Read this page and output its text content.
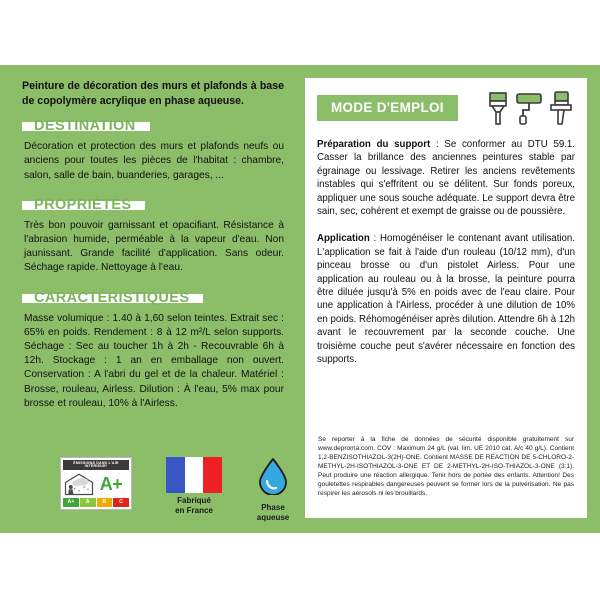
Peinture de décoration des murs et plafonds à base de copolymère acrylique en phase aqueuse.

DESTINATION

Décoration et protection des murs et plafonds neufs ou anciens pour toutes les pièces de l'habitat : chambre, salon, salle de bain, buanderies, garages, ...

PROPRIÉTÉS

Très bon pouvoir garnissant et opacifiant. Résistance à l'abrasion humide, perméable à la vapeur d'eau. Non jaunissant. Grande facilité d'application. Sans odeur. Séchage rapide. Nettoyage à l'eau.

CARACTÉRISTIQUES

Masse volumique : 1.40 à 1,60 selon teintes. Extrait sec : 65% en poids. Rendement : 8 à 12 m²/L selon supports. Séchage : Sec au toucher 1h à 2h - Recouvrable 6h à 12h. Stockage : 1 an en emballage non ouvert. Conservation : A l'abri du gel et de la chaleur. Matériel : Brosse, rouleau, Airless. Dilution : À l'eau, 5% max pour brosse et rouleau, 10% à l'Airless.

ÉMISSIONS DANS L'AIR INTÉRIEUR*
A+
A+	A	B	C	Fabriqué
en France	Phase
aqueuse
MODE D'EMPLOI

Préparation du support : Se conformer au DTU 59.1. Casser la brillance des anciennes peintures stable par égrainage ou lessivage. Retirer les anciens revêtements instables qui s'effritent ou se délitent. Sur fonds poreux, appliquer une sous souche adéquate. Le support devra être sain, sec, cohérent et exempt de graisse ou de poussière.

Application : Homogénéiser le contenant avant utilisation. L'application se fait à l'aide d'un rouleau (10/12 mm), d'un pinceau brosse ou d'un pistolet Airless. Pour une application au rouleau ou à la brosse, la peinture pourra être diluée jusqu'à 5% en poids avec de l'eau claire. Pour une application à l'Airless, procéder à une dilution de 10% en poids. Réhomogénéiser après dilution. Attendre 6h à 12h avant le recouvrement par la seconde couche. Une troisième couche peut s'avérer nécessaire en fonction des supports.

Se reporter à la fiche de données de sécurité disponible gratuitement sur www.deproma.com. COV : Maximum 24 g/L (val. lim. UE 2010 cat. A/c 40 g/L). Contient 1,2-BENZISOTHIAZOL-3(2H)-ONE. Contient MASSE DE REACTION DE 5-CHLORO-2-METHYL-2H-ISOTHIAZOL-3-ONE ET DE 2-METHYL-2H-ISO-THIAZOL-3-ONE (3:1). Peut produire une réaction allergique. Tenir hors de portée des enfants. Attention! Des gouletettes respirables dangereuses peuvent se former lors de la pulvérisation. Ne pas respirer les aérosols ni les brouillards.
